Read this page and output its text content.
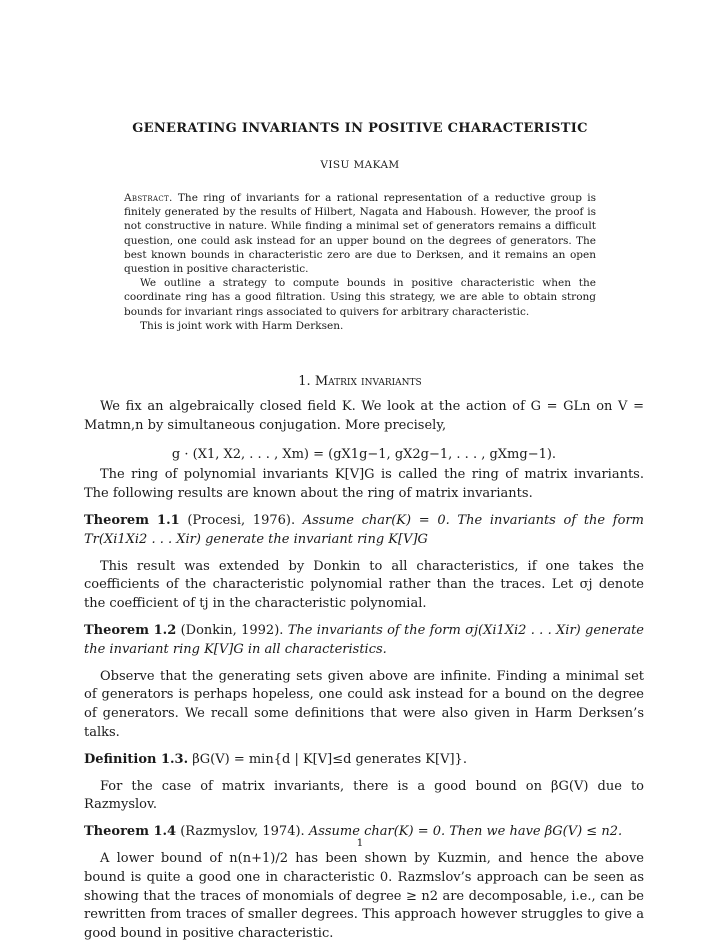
GENERATING INVARIANTS IN POSITIVE CHARACTERISTIC
VISU MAKAM

Abstract. The ring of invariants for a rational representation of a reductive group is finitely generated by the results of Hilbert, Nagata and Haboush. However, the proof is not constructive in nature. While finding a minimal set of generators remains a difficult question, one could ask instead for an upper bound on the degrees of generators. The best known bounds in characteristic zero are due to Derksen, and it remains an open question in positive characteristic.

We outline a strategy to compute bounds in positive characteristic when the coordinate ring has a good filtration. Using this strategy, we are able to obtain strong bounds for invariant rings associated to quivers for arbitrary characteristic.

This is joint work with Harm Derksen.

1. Matrix invariants

We fix an algebraically closed field K. We look at the action of G = GLn on V = Matmn,n by simultaneous conjugation. More precisely,

g · (X1, X2, . . . , Xm) = (gX1g−1, gX2g−1, . . . , gXmg−1).

The ring of polynomial invariants K[V]G is called the ring of matrix invariants. The following results are known about the ring of matrix invariants.

Theorem 1.1 (Procesi, 1976). Assume char(K) = 0. The invariants of the form Tr(Xi1Xi2 . . . Xir) generate the invariant ring K[V]G

This result was extended by Donkin to all characteristics, if one takes the coefficients of the characteristic polynomial rather than the traces. Let σj denote the coefficient of tj in the characteristic polynomial.

Theorem 1.2 (Donkin, 1992). The invariants of the form σj(Xi1Xi2 . . . Xir) generate the invariant ring K[V]G in all characteristics.

Observe that the generating sets given above are infinite. Finding a minimal set of generators is perhaps hopeless, one could ask instead for a bound on the degree of generators. We recall some definitions that were also given in Harm Derksen’s talks.

Definition 1.3. βG(V) = min{d | K[V]≤d generates K[V]}.

For the case of matrix invariants, there is a good bound on βG(V) due to Razmyslov.

Theorem 1.4 (Razmyslov, 1974). Assume char(K) = 0. Then we have βG(V) ≤ n2.

A lower bound of n(n+1)/2 has been shown by Kuzmin, and hence the above bound is quite a good one in characteristic 0. Razmslov’s approach can be seen as showing that the traces of monomials of degree ≥ n2 are decomposable, i.e., can be rewritten from traces of smaller degrees. This approach however struggles to give a good bound in positive characteristic.

1
